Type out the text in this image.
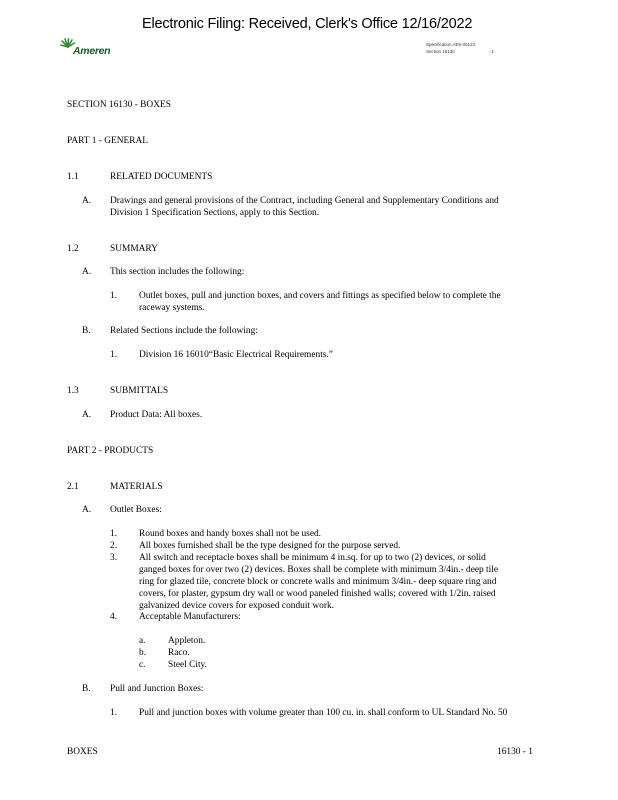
Electronic Filing: Received, Clerk's Office 12/16/2022
Ameren
Specification AE5-00123
Section 16130	- 1
SECTION 16130 - BOXES
PART 1 - GENERAL
1.1	RELATED DOCUMENTS
A. Drawings and general provisions of the Contract, including General and Supplementary Conditions and
Division 1 Specification Sections, apply to this Section.
1.2	SUMMARY
A. This section includes the following:
1. Outlet boxes, pull and junction boxes, and covers and fittings as specified below to complete the
raceway systems.
B. Related Sections include the following:
1. Division 16 16010“Basic Electrical Requirements.”
1.3	SUBMITTALS
A. Product Data: All boxes.
PART 2 - PRODUCTS
2.1	MATERIALS
A. Outlet Boxes:
1. Round boxes and handy boxes shall not be used.
2. All boxes furnished shall be the type designed for the purpose served.
3. All switch and receptacle boxes shall be minimum 4 in.sq. for up to two (2) devices, or solid
ganged boxes for over two (2) devices. Boxes shall be complete with minimum 3/4in.- deep tile
ring for glazed tile, concrete block or concrete walls and minimum 3/4in.- deep square ring and
covers, for plaster, gypsum dry wall or wood paneled finished walls; covered with 1/2in. raised
galvanized device covers for exposed conduit work.
4. Acceptable Manufacturers:
a. Appleton.
b. Raco.
c. Steel City.
B. Pull and Junction Boxes:
1. Pull and junction boxes with volume greater than 100 cu. in. shall conform to UL Standard No. 50
BOXES	16130 - 1
